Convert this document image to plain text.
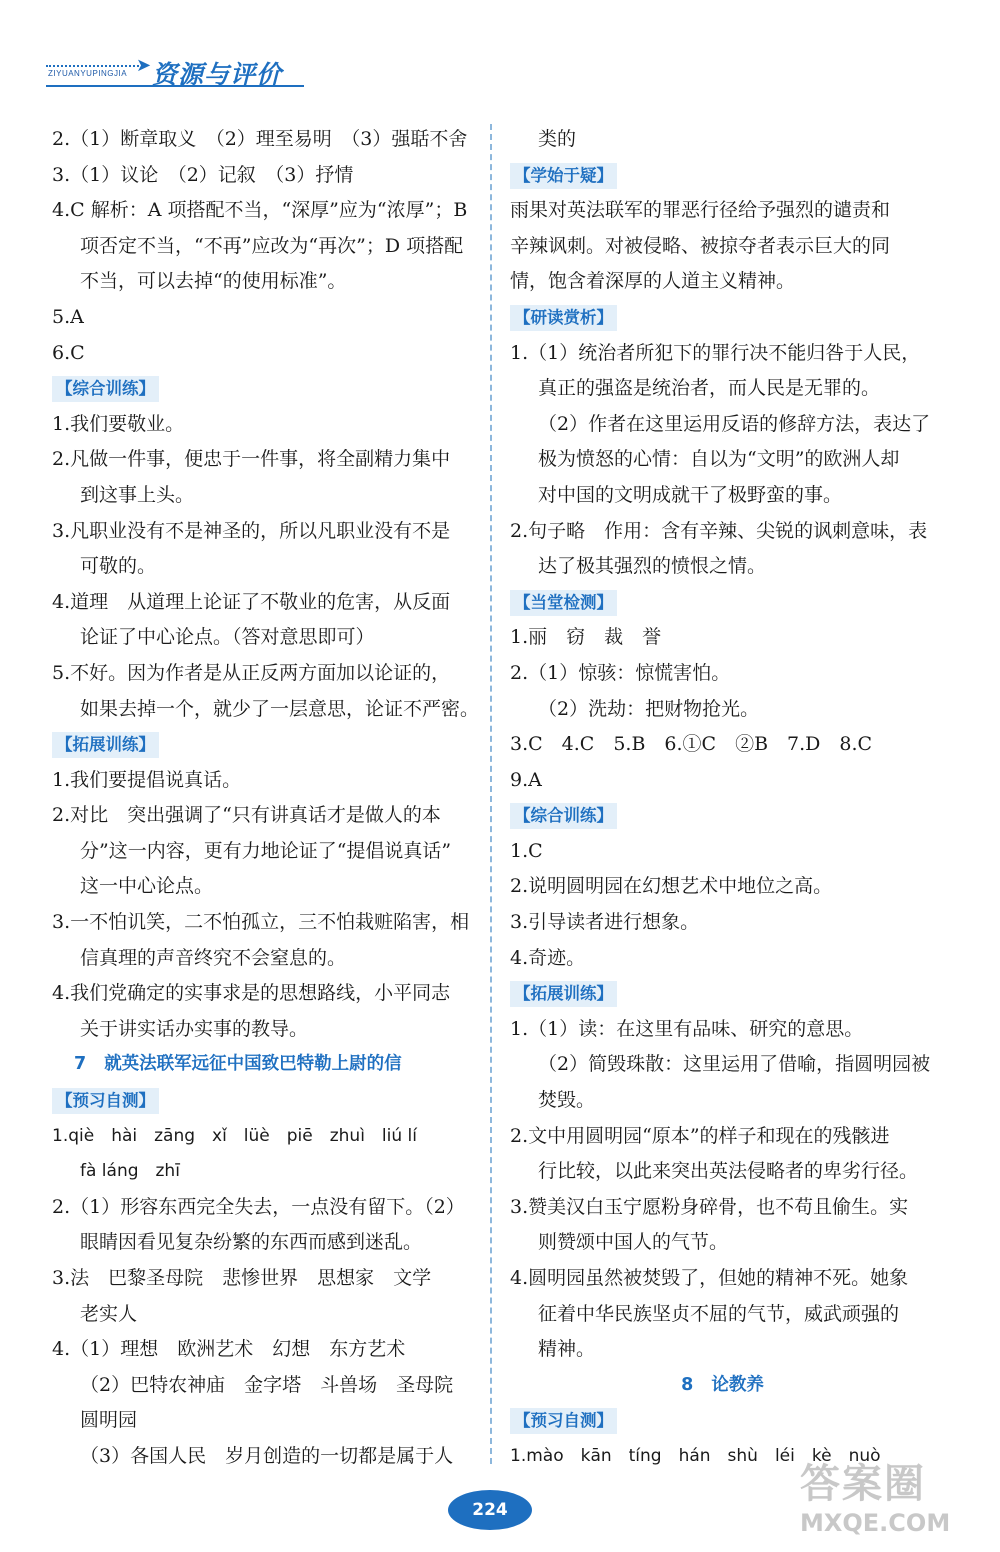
➤
ZIYUANYUPINGJIA 资源与评价
2.（1）断章取义　（2）理至易明　（3）强聒不舍
3.（1）议论　（2）记叙　（3）抒情
4.C 解析：A 项搭配不当，“深厚”应为“浓厚”；B
项否定不当，“不再”应改为“再次”；D 项搭配
不当，可以去掉“的使用标准”。
5.A
6.C
【综合训练】
1.我们要敬业。
2.凡做一件事，便忠于一件事，将全副精力集中
到这事上头。
3.凡职业没有不是神圣的，所以凡职业没有不是
可敬的。
4.道理　从道理上论证了不敬业的危害，从反面
论证了中心论点。（答对意思即可）
5.不好。因为作者是从正反两方面加以论证的，
如果去掉一个，就少了一层意思，论证不严密。
【拓展训练】
1.我们要提倡说真话。
2.对比　突出强调了“只有讲真话才是做人的本
分”这一内容，更有力地论证了“提倡说真话”
这一中心论点。
3.一不怕讥笑，二不怕孤立，三不怕栽赃陷害，相
信真理的声音终究不会窒息的。
4.我们党确定的实事求是的思想路线，小平同志
关于讲实话办实事的教导。
7 就英法联军远征中国致巴特勒上尉的信
【预习自测】
1.qiè　hài　zāng　xǐ　lüè　piē　zhuì　liú lí
fà láng　zhī
2.（1）形容东西完全失去，一点没有留下。（2）
眼睛因看见复杂纷繁的东西而感到迷乱。
3.法　巴黎圣母院　悲惨世界　思想家　文学
老实人
4.（1）理想　欧洲艺术　幻想　东方艺术
（2）巴特农神庙　金字塔　斗兽场　圣母院
圆明园
（3）各国人民　岁月创造的一切都是属于人
类的
【学始于疑】
雨果对英法联军的罪恶行径给予强烈的谴责和
辛辣讽刺。对被侵略、被掠夺者表示巨大的同
情，饱含着深厚的人道主义精神。
【研读赏析】
1.（1）统治者所犯下的罪行决不能归咎于人民，
真正的强盗是统治者，而人民是无罪的。
（2）作者在这里运用反语的修辞方法，表达了
极为愤怒的心情：自以为“文明”的欧洲人却
对中国的文明成就干了极野蛮的事。
2.句子略　作用：含有辛辣、尖锐的讽刺意味，表
达了极其强烈的愤恨之情。
【当堂检测】
1.丽　窃　裁　誉
2.（1）惊骇：惊慌害怕。
（2）洗劫：把财物抢光。
3.C　4.C　5.B　6.①C　②B　7.D　8.C
9.A
【综合训练】
1.C
2.说明圆明园在幻想艺术中地位之高。
3.引导读者进行想象。
4.奇迹。
【拓展训练】
1.（1）读：在这里有品味、研究的意思。
（2）简毁珠散：这里运用了借喻，指圆明园被
焚毁。
2.文中用圆明园“原本”的样子和现在的残骸进
行比较，以此来突出英法侵略者的卑劣行径。
3.赞美汉白玉宁愿粉身碎骨，也不苟且偷生。实
则赞颂中国人的气节。
4.圆明园虽然被焚毁了，但她的精神不死。她象
征着中华民族坚贞不屈的气节，威武顽强的
精神。
8 论教养
【预习自测】
1.mào　kān　tíng　hán　shù　léi　kè　nuò
224
答案圈
MXQE.COM
